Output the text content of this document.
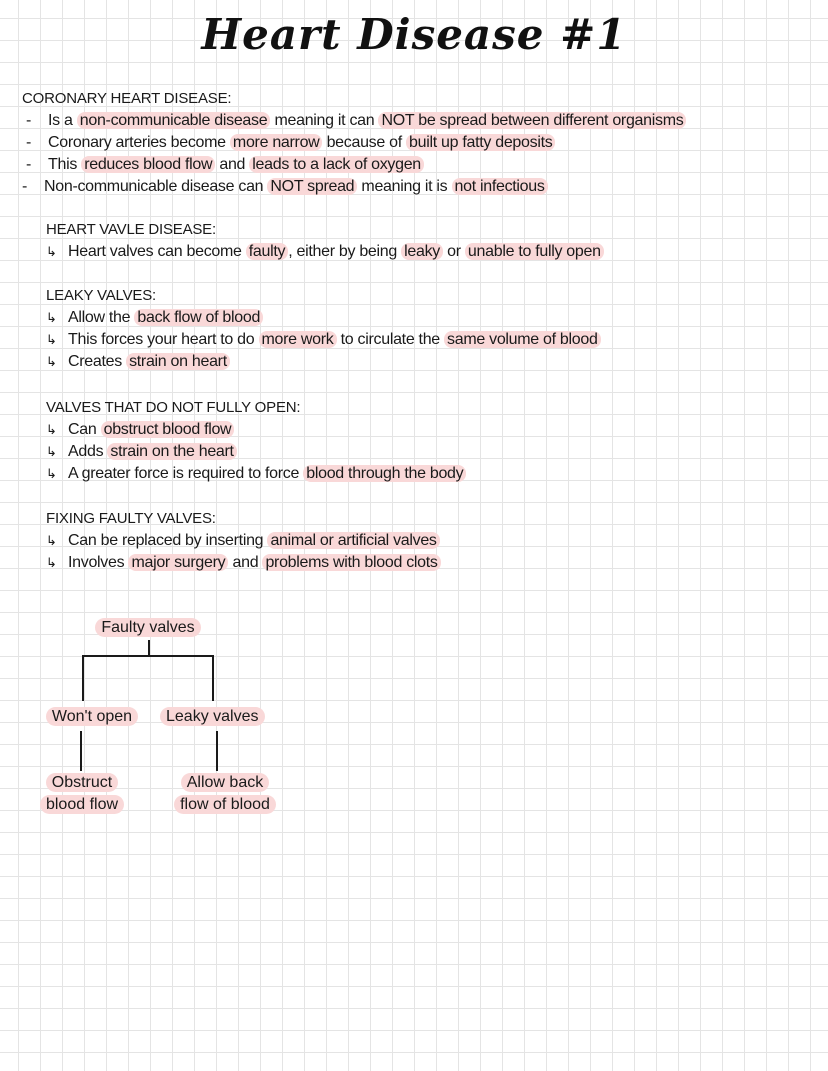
Heart Disease #1
CORONARY HEART DISEASE:
- Is a non-communicable disease meaning it can NOT be spread between different organisms
- Coronary arteries become more narrow because of built up fatty deposits
- This reduces blood flow and leads to a lack of oxygen
- Non-communicable disease can NOT spread meaning it is not infectious
HEART VAVLE DISEASE:
↳ Heart valves can become faulty , either by being leaky or unable to fully open
LEAKY VALVES:
↳ Allow the back flow of blood
↳ This forces your heart to do more work to circulate the same volume of blood
↳ Creates strain on heart
VALVES THAT DO NOT FULLY OPEN:
↳ Can obstruct blood flow
↳ Adds strain on the heart
↳ A greater force is required to force blood through the body
FIXING FAULTY VALVES:
↳ Can be replaced by inserting animal or artificial valves
↳ Involves major surgery and problems with blood clots
Faulty valves
Won't open	Leaky valves
Obstruct
blood flow
Allow back
flow of blood
